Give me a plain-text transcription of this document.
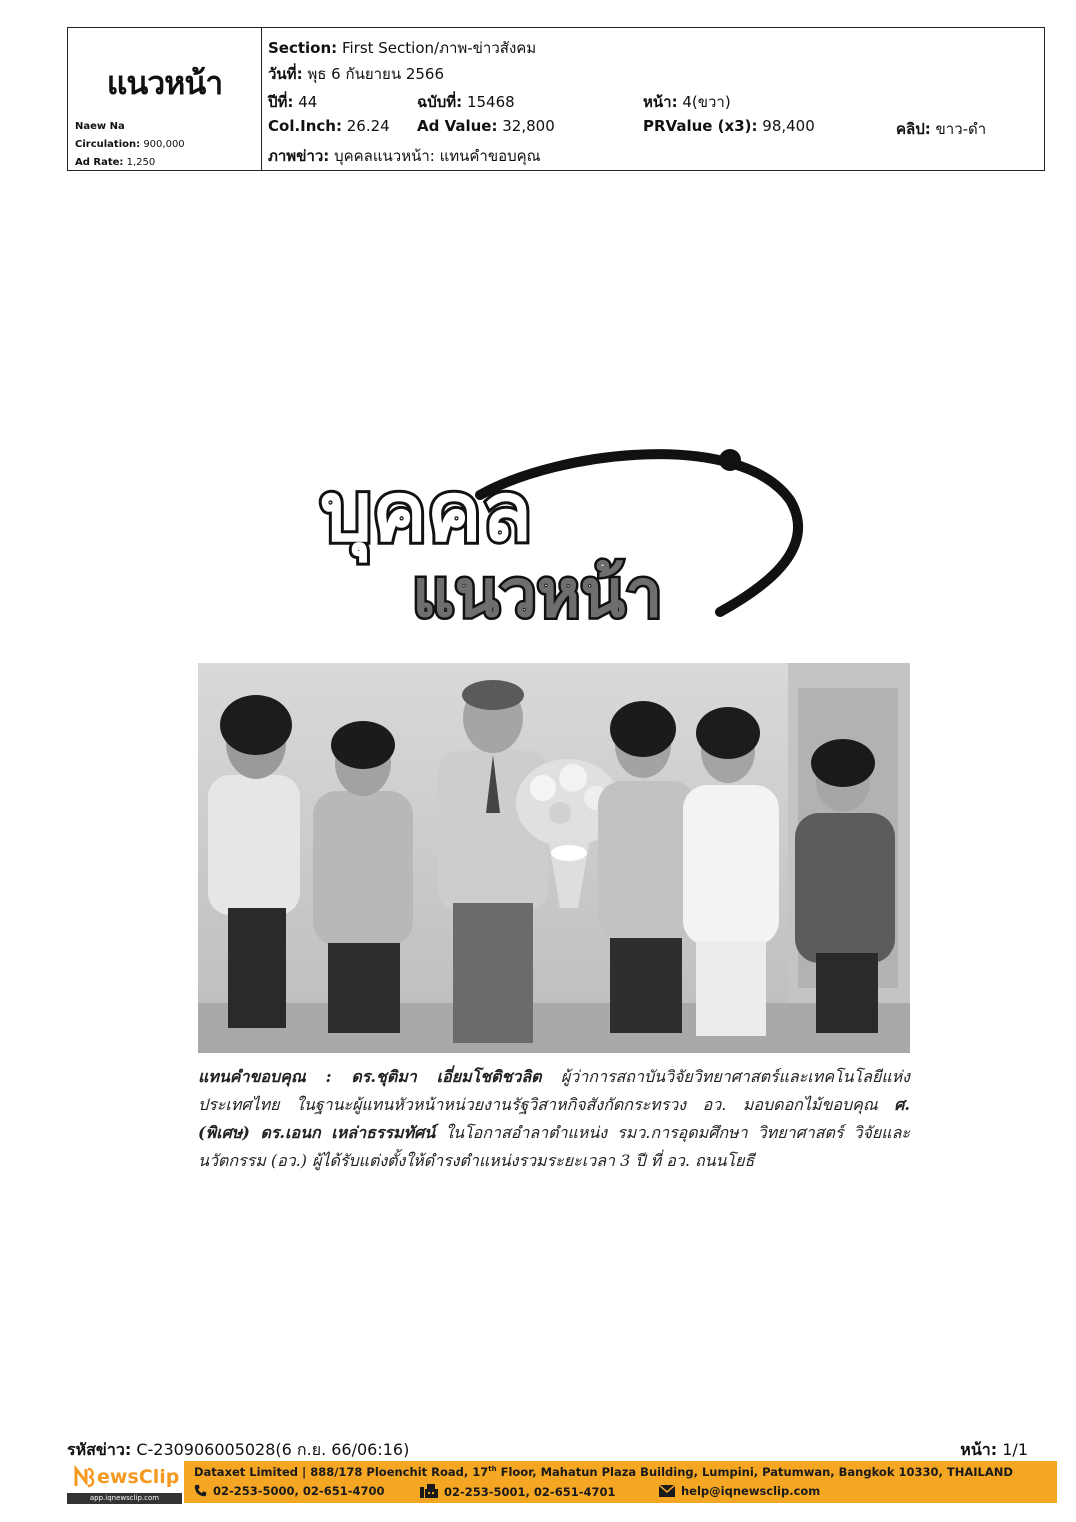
แนวหน้า
Naew Na
Circulation: 900,000
Ad Rate: 1,250
Section: First Section/ภาพ-ข่าวสังคม
วันที่: พุธ 6 กันยายน 2566
ปีที่: 44	ฉบับที่: 15468	หน้า: 4(ขวา)
Col.Inch: 26.24 Ad Value: 32,800	PRValue (x3): 98,400	คลิป: ขาว-ดำ
ภาพข่าว: บุคคลแนวหน้า: แทนคำขอบคุณ
บุคคล
แนวหน้า
แทนคำขอบคุณ : ดร.ชุติมา เอี่ยมโชติชวลิต ผู้ว่าการสถาบันวิจัยวิทยาศาสตร์และเทคโนโลยีแห่งประเทศไทย ในฐานะผู้แทนหัวหน้าหน่วยงานรัฐวิสาหกิจสังกัดกระทรวง อว. มอบดอกไม้ขอบคุณ ศ.(พิเศษ) ดร.เอนก เหล่าธรรมทัศน์ ในโอกาสอำลาตำแหน่ง รมว.การอุดมศึกษา วิทยาศาสตร์ วิจัยและนวัตกรรม (อว.) ผู้ได้รับแต่งตั้งให้ดำรงตำแหน่งรวมระยะเวลา 3 ปี ที่ อว. ถนนโยธี
รหัสข่าว: C-230906005028(6 ก.ย. 66/06:16)	หน้า: 1/1
ewsClip
app.iqnewsclip.com
Dataxet Limited | 888/178 Ploenchit Road, 17th Floor, Mahatun Plaza Building, Lumpini, Patumwan, Bangkok 10330, THAILAND
02-253-5000, 02-651-4700	02-253-5001, 02-651-4701	help@iqnewsclip.com
